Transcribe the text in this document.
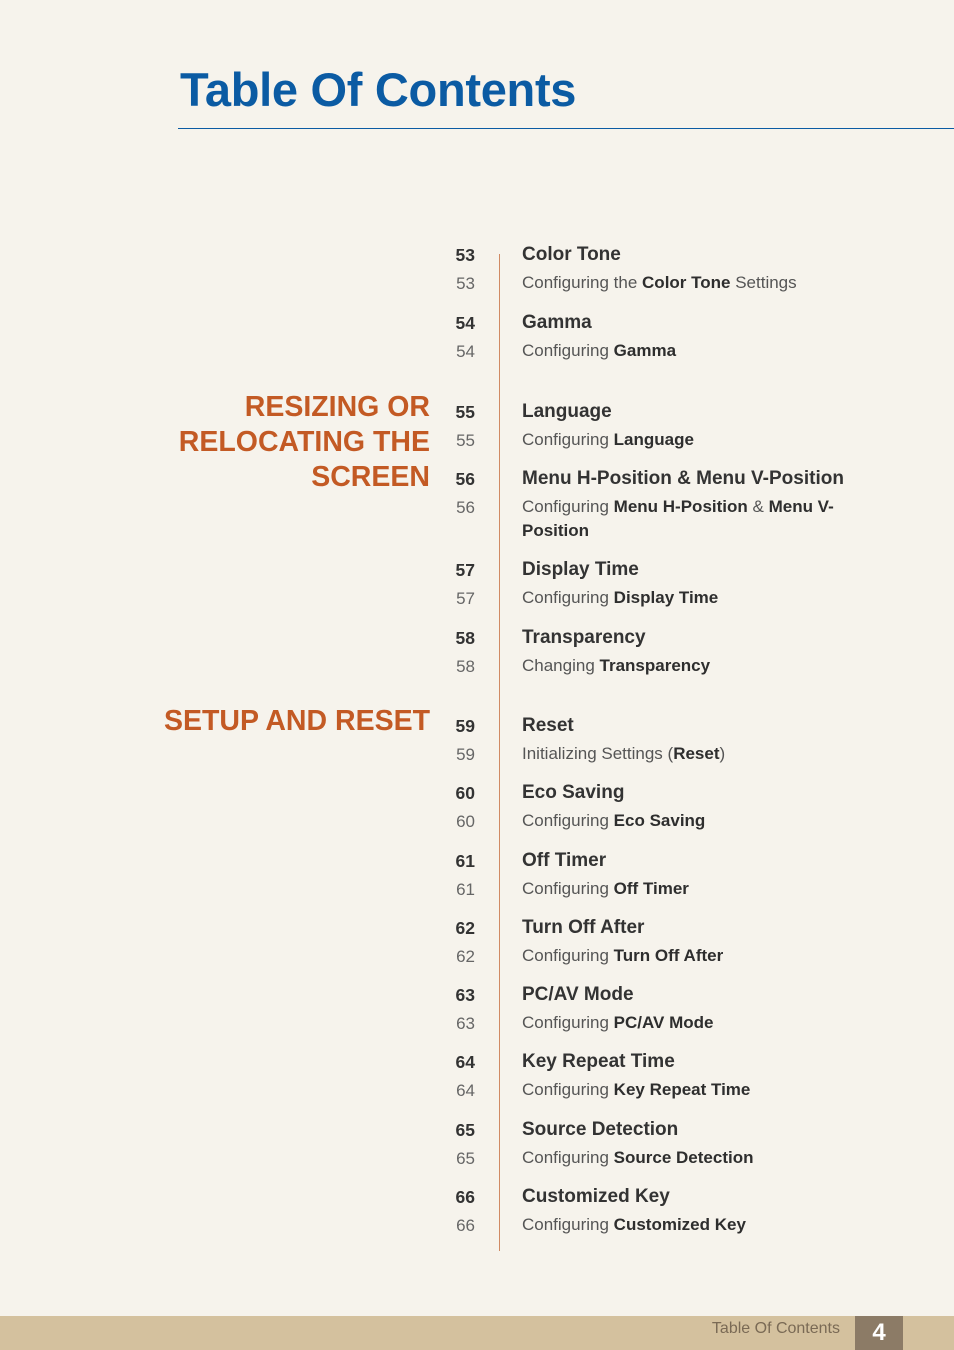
Table Of Contents
RESIZING OR
RELOCATING THE
SCREEN
SETUP AND RESET
53 Color Tone
53	Configuring the Color Tone Settings
54 Gamma
54	Configuring Gamma
55 Language
55	Configuring Language
56 Menu H-Position & Menu V-Position
56	Configuring Menu H-Position & Menu V-Position
57 Display Time
57	Configuring Display Time
58 Transparency
58	Changing Transparency
59 Reset
59	Initializing Settings (Reset)
60 Eco Saving
60	Configuring Eco Saving
61 Off Timer
61	Configuring Off Timer
62 Turn Off After
62	Configuring Turn Off After
63 PC/AV Mode
63	Configuring PC/AV Mode
64 Key Repeat Time
64	Configuring Key Repeat Time
65 Source Detection
65	Configuring Source Detection
66 Customized Key
66	Configuring Customized Key
Table Of Contents	4
